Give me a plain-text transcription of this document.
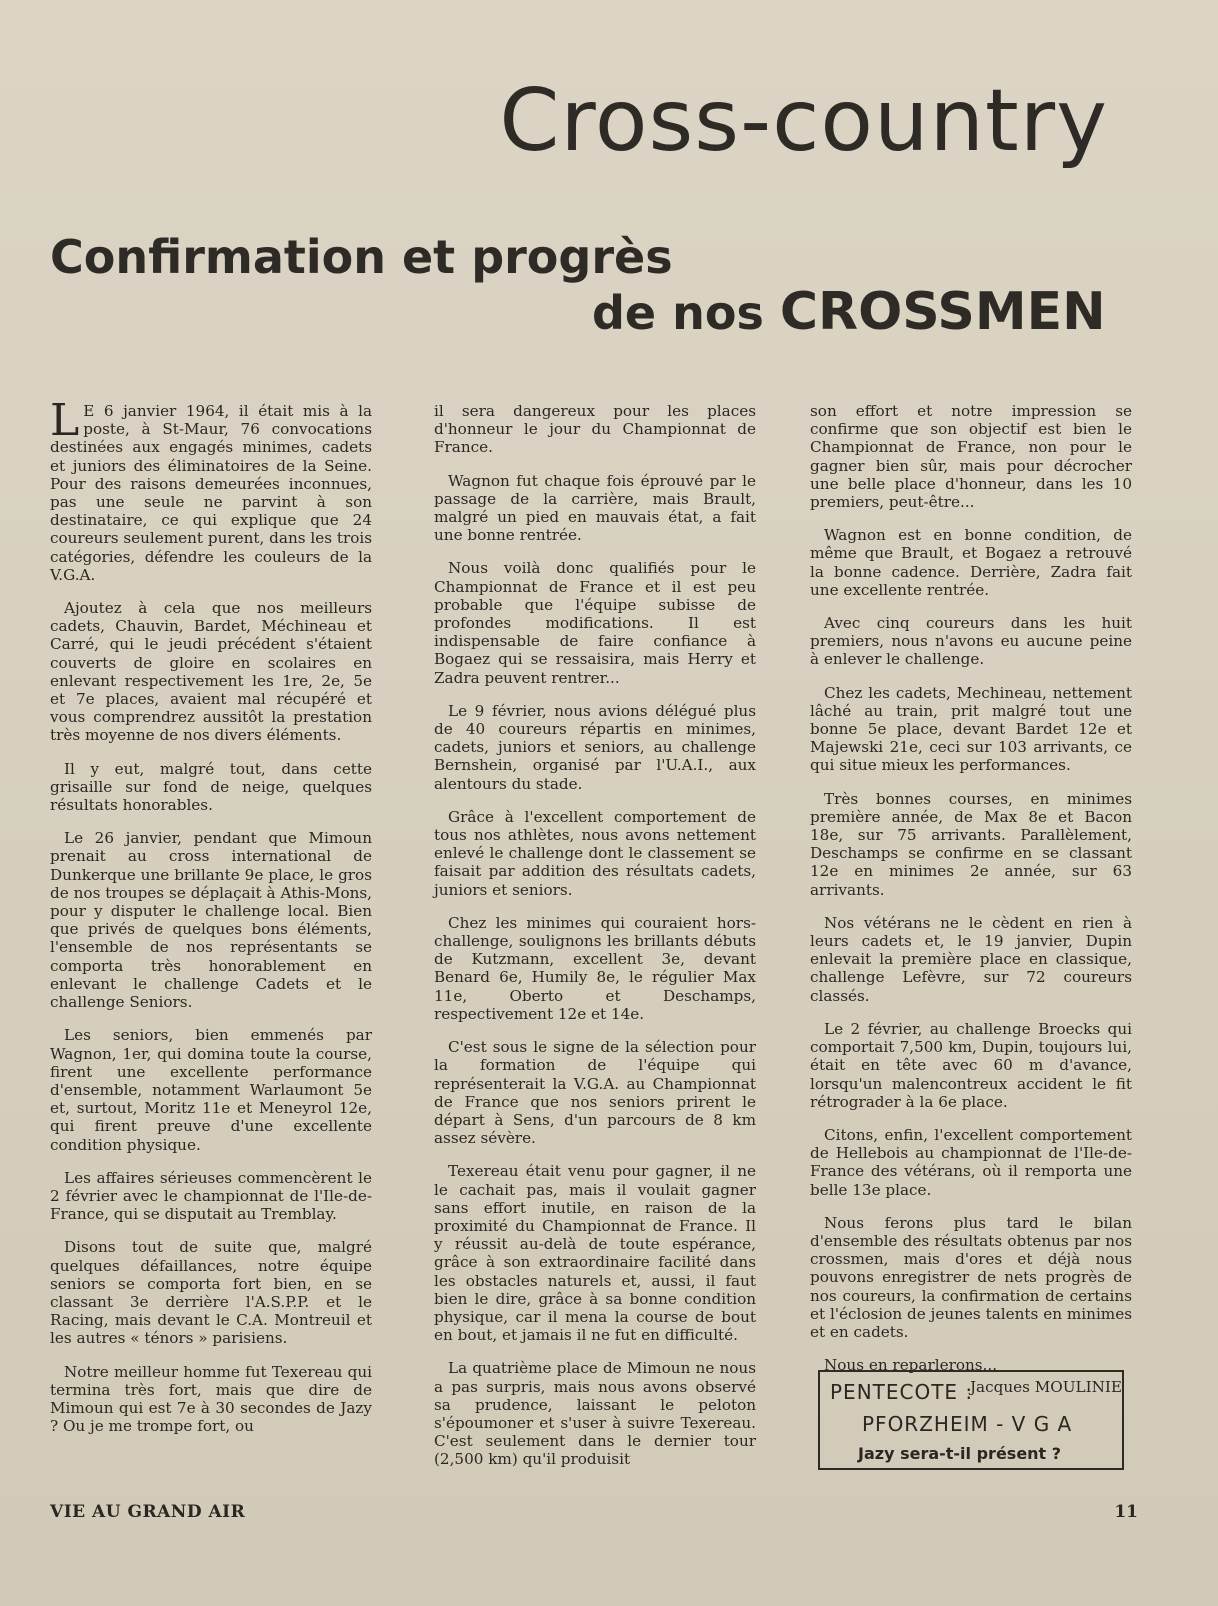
Cross-country
Confirmation et progrès
de nos CROSSMEN

L E 6 janvier 1964, il était mis à la poste, à St-Maur, 76 convocations destinées aux engagés minimes, cadets et juniors des éliminatoires de la Seine. Pour des raisons demeurées inconnues, pas une seule ne parvint à son destinataire, ce qui explique que 24 coureurs seulement purent, dans les trois catégories, défendre les couleurs de la V.G.A.

Ajoutez à cela que nos meilleurs cadets, Chauvin, Bardet, Méchineau et Carré, qui le jeudi précédent s'étaient couverts de gloire en scolaires en enlevant respectivement les 1re, 2e, 5e et 7e places, avaient mal récupéré et vous comprendrez aussitôt la prestation très moyenne de nos divers éléments.

Il y eut, malgré tout, dans cette grisaille sur fond de neige, quelques résultats honorables.

Le 26 janvier, pendant que Mimoun prenait au cross international de Dunkerque une brillante 9e place, le gros de nos troupes se déplaçait à Athis-Mons, pour y disputer le challenge local. Bien que privés de quelques bons éléments, l'ensemble de nos représentants se comporta très honorablement en enlevant le challenge Cadets et le challenge Seniors.

Les seniors, bien emmenés par Wagnon, 1er, qui domina toute la course, firent une excellente performance d'ensemble, notamment Warlaumont 5e et, surtout, Moritz 11e et Meneyrol 12e, qui firent preuve d'une excellente condition physique.

Les affaires sérieuses commencèrent le 2 février avec le championnat de l'Ile-de-France, qui se disputait au Tremblay.

Disons tout de suite que, malgré quelques défaillances, notre équipe seniors se comporta fort bien, en se classant 3e derrière l'A.S.P.P. et le Racing, mais devant le C.A. Montreuil et les autres « ténors » parisiens.

Notre meilleur homme fut Texereau qui termina très fort, mais que dire de Mimoun qui est 7e à 30 secondes de Jazy ? Ou je me trompe fort, ou

il sera dangereux pour les places d'honneur le jour du Championnat de France.

Wagnon fut chaque fois éprouvé par le passage de la carrière, mais Brault, malgré un pied en mauvais état, a fait une bonne rentrée.

Nous voilà donc qualifiés pour le Championnat de France et il est peu probable que l'équipe subisse de profondes modifications. Il est indispensable de faire confiance à Bogaez qui se ressaisira, mais Herry et Zadra peuvent rentrer...

Le 9 février, nous avions délégué plus de 40 coureurs répartis en minimes, cadets, juniors et seniors, au challenge Bernshein, organisé par l'U.A.I., aux alentours du stade.

Grâce à l'excellent comportement de tous nos athlètes, nous avons nettement enlevé le challenge dont le classement se faisait par addition des résultats cadets, juniors et seniors.

Chez les minimes qui couraient hors-challenge, soulignons les brillants débuts de Kutzmann, excellent 3e, devant Benard 6e, Humily 8e, le régulier Max 11e, Oberto et Deschamps, respectivement 12e et 14e.

C'est sous le signe de la sélection pour la formation de l'équipe qui représenterait la V.G.A. au Championnat de France que nos seniors prirent le départ à Sens, d'un parcours de 8 km assez sévère.

Texereau était venu pour gagner, il ne le cachait pas, mais il voulait gagner sans effort inutile, en raison de la proximité du Championnat de France. Il y réussit au-delà de toute espérance, grâce à son extraordinaire facilité dans les obstacles naturels et, aussi, il faut bien le dire, grâce à sa bonne condition physique, car il mena la course de bout en bout, et jamais il ne fut en difficulté.

La quatrième place de Mimoun ne nous a pas surpris, mais nous avons observé sa prudence, laissant le peloton s'époumoner et s'user à suivre Texereau. C'est seulement dans le dernier tour (2,500 km) qu'il produisit

son effort et notre impression se confirme que son objectif est bien le Championnat de France, non pour le gagner bien sûr, mais pour décrocher une belle place d'honneur, dans les 10 premiers, peut-être...

Wagnon est en bonne condition, de même que Brault, et Bogaez a retrouvé la bonne cadence. Derrière, Zadra fait une excellente rentrée.

Avec cinq coureurs dans les huit premiers, nous n'avons eu aucune peine à enlever le challenge.

Chez les cadets, Mechineau, nettement lâché au train, prit malgré tout une bonne 5e place, devant Bardet 12e et Majewski 21e, ceci sur 103 arrivants, ce qui situe mieux les performances.

Très bonnes courses, en minimes première année, de Max 8e et Bacon 18e, sur 75 arrivants. Parallèlement, Deschamps se confirme en se classant 12e en minimes 2e année, sur 63 arrivants.

Nos vétérans ne le cèdent en rien à leurs cadets et, le 19 janvier, Dupin enlevait la première place en classique, challenge Lefèvre, sur 72 coureurs classés.

Le 2 février, au challenge Broecks qui comportait 7,500 km, Dupin, toujours lui, était en tête avec 60 m d'avance, lorsqu'un malencontreux accident le fit rétrograder à la 6e place.

Citons, enfin, l'excellent comportement de Hellebois au championnat de l'Ile-de-France des vétérans, où il remporta une belle 13e place.

Nous ferons plus tard le bilan d'ensemble des résultats obtenus par nos crossmen, mais d'ores et déjà nous pouvons enregistrer de nets progrès de nos coureurs, la confirmation de certains et l'éclosion de jeunes talents en minimes et en cadets.

Nous en reparlerons...

Jacques MOULINIE

PENTECOTE :
PFORZHEIM - V G A
Jazy sera-t-il présent ?
VIE AU GRAND AIR	11
